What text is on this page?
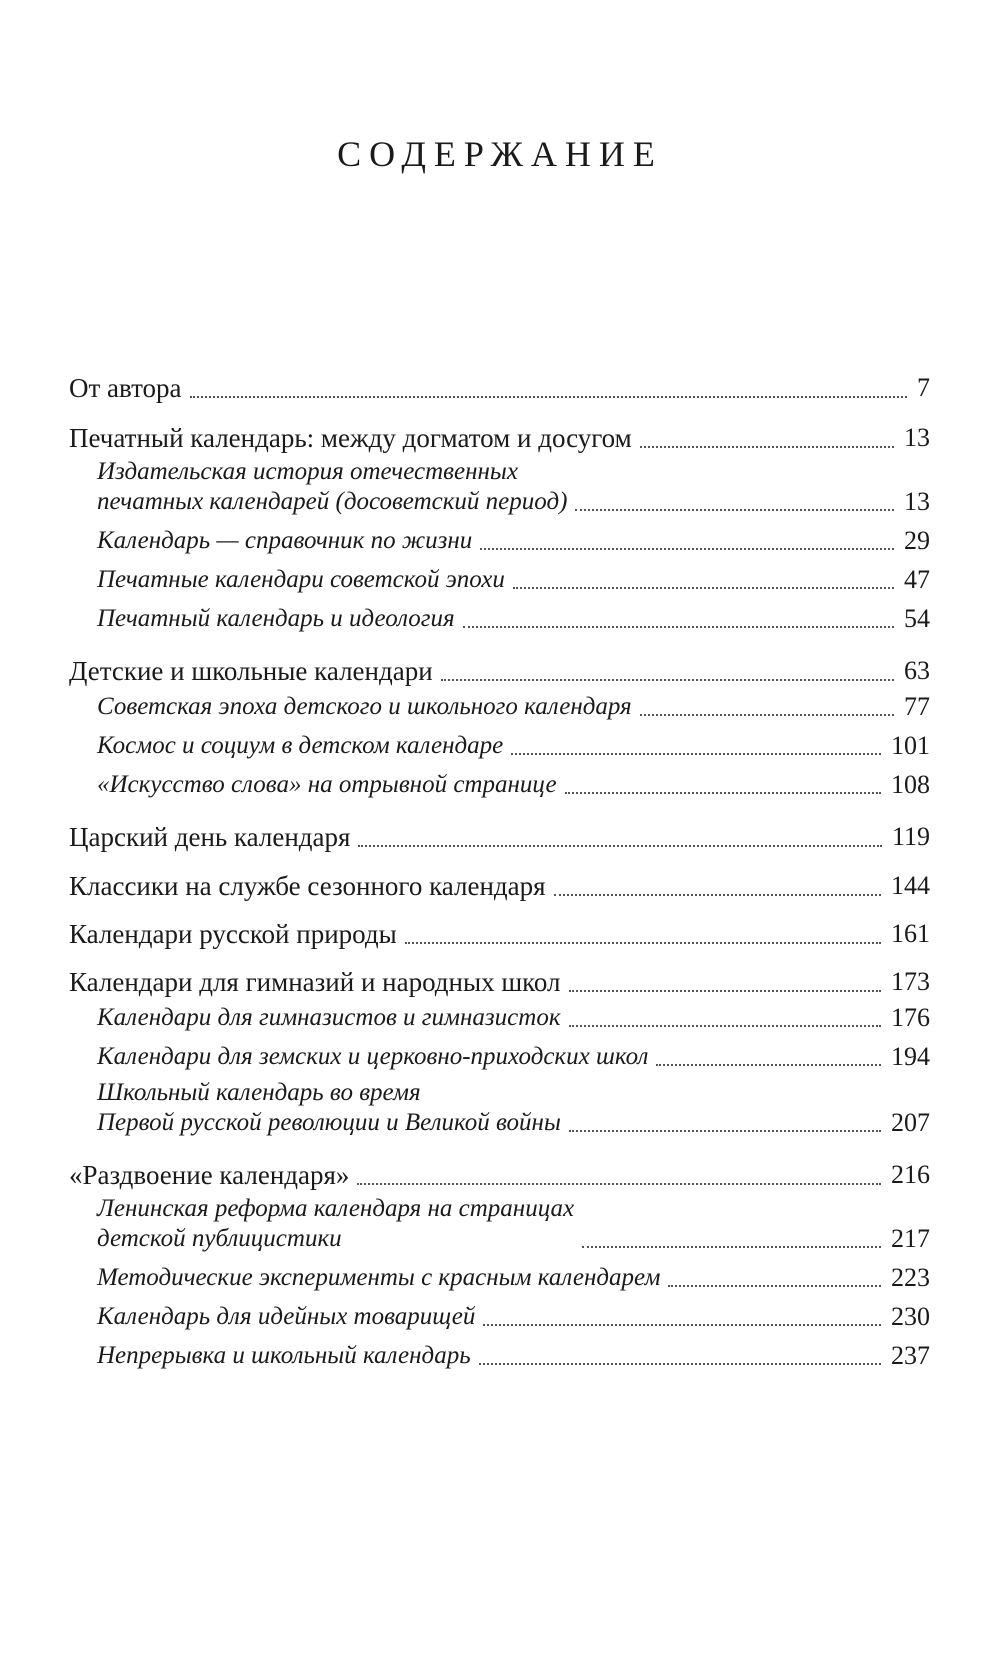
СОДЕРЖАНИЕ
От автора	7
Печатный календарь: между догматом и досугом	13
Издательская история отечественных
печатных календарей (досоветский период)	13
Календарь — справочник по жизни	29
Печатные календари советской эпохи	47
Печатный календарь и идеология	54
Детские и школьные календари	63
Советская эпоха детского и школьного календаря	77
Космос и социум в детском календаре	101
«Искусство слова» на отрывной странице	108
Царский день календаря	119
Классики на службе сезонного календаря	144
Календари русской природы	161
Календари для гимназий и народных школ	173
Календари для гимназистов и гимназисток	176
Календари для земских и церковно-приходских школ	194
Школьный календарь во время
Первой русской революции и Великой войны	207
«Раздвоение календаря»	216
Ленинская реформа календаря на страницах
детской публицистики	217
Методические эксперименты с красным календарем	223
Календарь для идейных товарищей	230
Непрерывка и школьный календарь	237
